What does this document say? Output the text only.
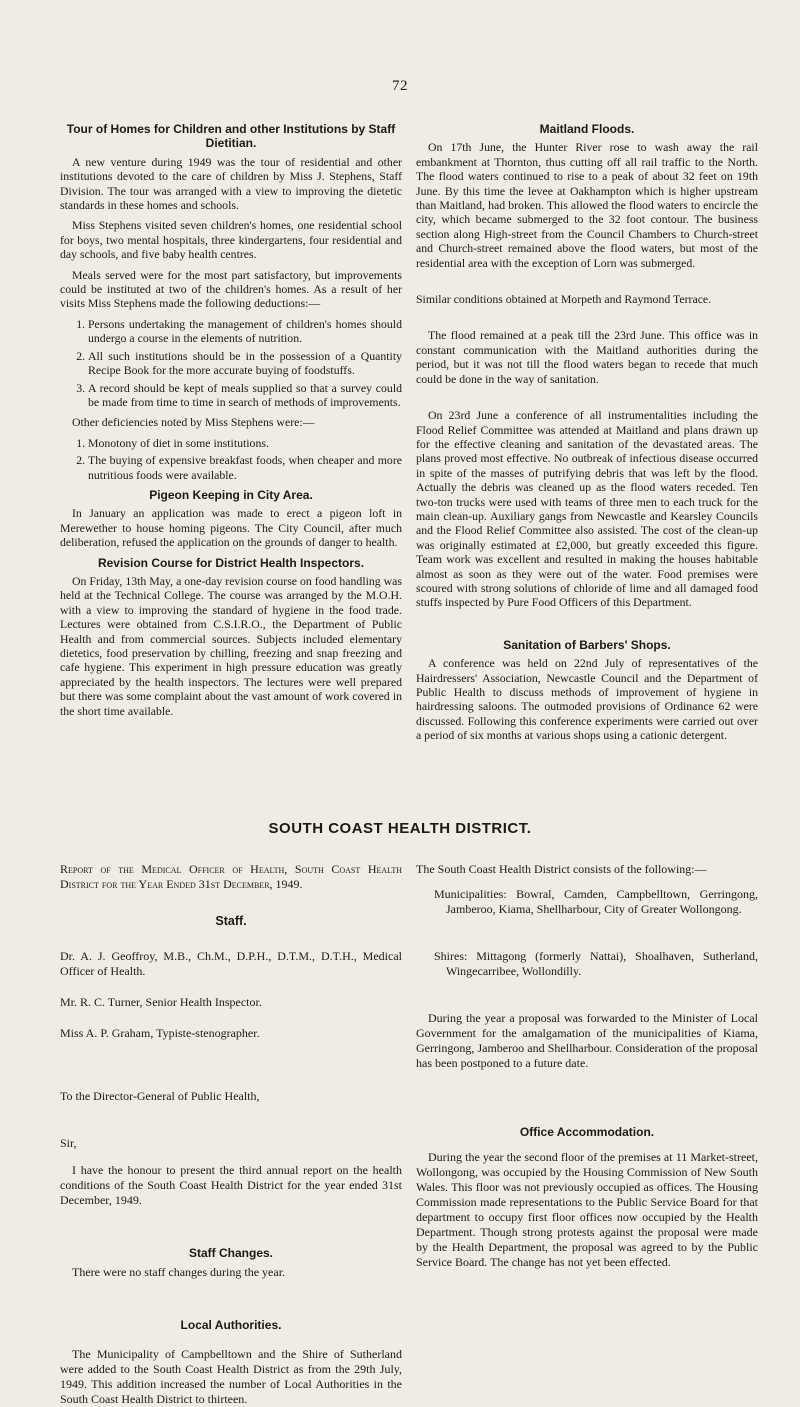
72
Tour of Homes for Children and other Institutions by Staff Dietitian.

A new venture during 1949 was the tour of residential and other institutions devoted to the care of children by Miss J. Stephens, Staff Division. The tour was arranged with a view to improving the dietetic standards in these homes and schools.

Miss Stephens visited seven children's homes, one residential school for boys, two mental hospitals, three kindergartens, four residential and day schools, and five baby health centres.

Meals served were for the most part satisfactory, but improvements could be instituted at two of the children's homes. As a result of her visits Miss Stephens made the following deductions:—

1. Persons undertaking the management of children's homes should undergo a course in the elements of nutrition.
2. All such institutions should be in the possession of a Quantity Recipe Book for the more accurate buying of foodstuffs.
3. A record should be kept of meals supplied so that a survey could be made from time to time in search of methods of improvements.

Other deficiencies noted by Miss Stephens were:—

1. Monotony of diet in some institutions.
2. The buying of expensive breakfast foods, when cheaper and more nutritious foods were available.
Pigeon Keeping in City Area.

In January an application was made to erect a pigeon loft in Merewether to house homing pigeons. The City Council, after much deliberation, refused the application on the grounds of danger to health.

Revision Course for District Health Inspectors.

On Friday, 13th May, a one-day revision course on food handling was held at the Technical College. The course was arranged by the M.O.H. with a view to improving the standard of hygiene in the food trade. Lectures were obtained from C.S.I.R.O., the Department of Public Health and from commercial sources. Subjects included elementary dietetics, food preservation by chilling, freezing and snap freezing and cafe hygiene. This experiment in high pressure education was greatly appreciated by the health inspectors. The lectures were well prepared but there was some complaint about the vast amount of work covered in the short time available.

Maitland Floods.

On 17th June, the Hunter River rose to wash away the rail embankment at Thornton, thus cutting off all rail traffic to the North. The flood waters continued to rise to a peak of about 32 feet on 19th June. By this time the levee at Oakhampton which is higher upstream than Maitland, had broken. This allowed the flood waters to encircle the city, which became submerged to the 32 foot contour. The business section along High-street from the Council Chambers to Church-street and Church-street remained above the flood waters, but most of the residential area with the exception of Lorn was submerged.

Similar conditions obtained at Morpeth and Raymond Terrace.

The flood remained at a peak till the 23rd June. This office was in constant communication with the Maitland authorities during the period, but it was not till the flood waters began to recede that much could be done in the way of sanitation.

On 23rd June a conference of all instrumentalities including the Flood Relief Committee was attended at Maitland and plans drawn up for the effective cleaning and sanitation of the devastated areas. The plans proved most effective. No outbreak of infectious disease occurred in spite of the masses of putrifying debris that was left by the flood. Actually the debris was cleaned up as the flood waters receded. Ten two-ton trucks were used with teams of three men to each truck for the main clean-up. Auxiliary gangs from Newcastle and Kearsley Councils and the Flood Relief Committee also assisted. The cost of the clean-up was originally estimated at £2,000, but greatly exceeded this figure. Team work was excellent and resulted in making the houses habitable almost as soon as they were out of the water. Food premises were scoured with strong solutions of chloride of lime and all damaged food stuffs inspected by Pure Food Officers of this Department.

Sanitation of Barbers' Shops.

A conference was held on 22nd July of representatives of the Hairdressers' Association, Newcastle Council and the Department of Public Health to discuss methods of improvement of hygiene in hairdressing saloons. The outmoded provisions of Ordinance 62 were discussed. Following this conference experiments were carried out over a period of six months at various shops using a cationic detergent.

SOUTH COAST HEALTH DISTRICT.

Report of the Medical Officer of Health, South Coast Health District for the Year Ended 31st December, 1949.

Staff.

Dr. A. J. Geoffroy, M.B., Ch.M., D.P.H., D.T.M., D.T.H., Medical Officer of Health.

Mr. R. C. Turner, Senior Health Inspector.

Miss A. P. Graham, Typiste-stenographer.

To the Director-General of Public Health,

Sir,

I have the honour to present the third annual report on the health conditions of the South Coast Health District for the year ended 31st December, 1949.

Staff Changes.

There were no staff changes during the year.

Local Authorities.

The Municipality of Campbelltown and the Shire of Sutherland were added to the South Coast Health District as from the 29th July, 1949. This addition increased the number of Local Authorities in the South Coast Health District to thirteen.

The South Coast Health District consists of the following:—

Municipalities: Bowral, Camden, Campbelltown, Gerringong, Jamberoo, Kiama, Shellharbour, City of Greater Wollongong.

Shires: Mittagong (formerly Nattai), Shoalhaven, Sutherland, Wingecarribee, Wollondilly.

During the year a proposal was forwarded to the Minister of Local Government for the amalgamation of the municipalities of Kiama, Gerringong, Jamberoo and Shellharbour. Consideration of the proposal has been postponed to a future date.

Office Accommodation.

During the year the second floor of the premises at 11 Market-street, Wollongong, was occupied by the Housing Commission of New South Wales. This floor was not previously occupied as offices. The Housing Commission made representations to the Public Service Board for that department to occupy first floor offices now occupied by the Health Department. Though strong protests against the proposal were made by the Health Department, the proposal was agreed to by the Public Service Board. The change has not yet been effected.
